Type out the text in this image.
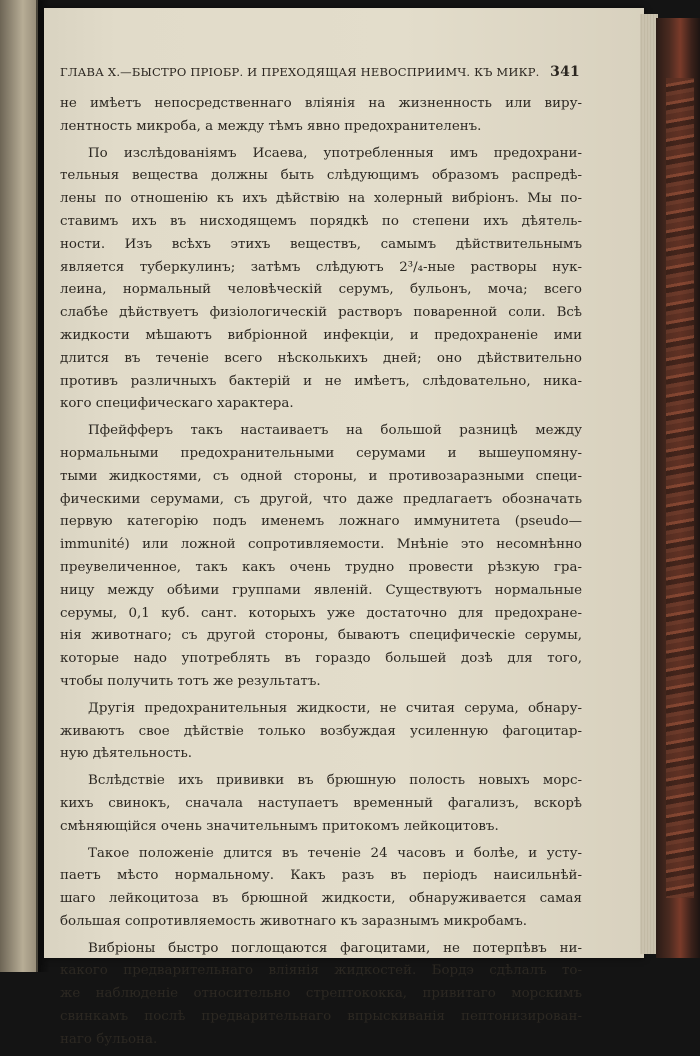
ГЛАВА X.—БЫСТРО ПРІОБР. И ПРЕХОДЯЩАЯ НЕВОСПРИИМЧ. КЪ МИКР. 341

не имѣетъ непосредственнаго вліянія на жизненность или виру-
лентность микроба, а между тѣмъ явно предохранителенъ.

По изслѣдованіямъ Исаева, употребленныя имъ предохрани-
тельныя вещества должны быть слѣдующимъ образомъ распредѣ-
лены по отношенію къ ихъ дѣйствію на холерный вибріонъ. Мы по-
ставимъ ихъ въ нисходящемъ порядкѣ по степени ихъ дѣятель-
ности. Изъ всѣхъ этихъ веществъ, самымъ дѣйствительнымъ
является туберкулинъ; затѣмъ слѣдуютъ 2³/₄-ные растворы нук-
леина, нормальный человѣческій серумъ, бульонъ, моча; всего
слабѣе дѣйствуетъ физіологическій растворъ поваренной соли. Всѣ
жидкости мѣшаютъ вибріонной инфекціи, и предохраненіе ими
длится въ теченіе всего нѣсколькихъ дней; оно дѣйствительно
противъ различныхъ бактерій и не имѣетъ, слѣдовательно, ника-
кого специфическаго характера.

Пфейфферъ такъ настаиваетъ на большой разницѣ между
нормальными предохранительными серумами и вышеупомяну-
тыми жидкостями, съ одной стороны, и противозаразными специ-
фическими серумами, съ другой, что даже предлагаетъ обозначать
первую категорію подъ именемъ ложнаго иммунитета (pseudo—
immunité) или ложной сопротивляемости. Мнѣніе это несомнѣнно
преувеличенное, такъ какъ очень трудно провести рѣзкую гра-
ницу между обѣими группами явленій. Существуютъ нормальные
серумы, 0,1 куб. сант. которыхъ уже достаточно для предохране-
нія животнаго; съ другой стороны, бываютъ специфическіе серумы,
которые надо употреблять въ гораздо большей дозѣ для того,
чтобы получить тотъ же результатъ.

Другія предохранительныя жидкости, не считая серума, обнару-
живаютъ свое дѣйствіе только возбуждая усиленную фагоцитар-
ную дѣятельность.

Вслѣдствіе ихъ прививки въ брюшную полость новыхъ морс-
кихъ свинокъ, сначала наступаетъ временный фагализъ, вскорѣ
смѣняющійся очень значительнымъ притокомъ лейкоцитовъ.

Такое положеніе длится въ теченіе 24 часовъ и болѣе, и усту-
паетъ мѣсто нормальному. Какъ разъ въ періодъ наисильнѣй-
шаго лейкоцитоза въ брюшной жидкости, обнаруживается самая
большая сопротивляемость животнаго къ заразнымъ микробамъ.

Вибріоны быстро поглощаются фагоцитами, не потерпѣвъ ни-
какого предварительнаго вліянія жидкостей. Бордэ сдѣлалъ то-
же наблюденіе относительно стрептококка, привитаго морскимъ
свинкамъ послѣ предварительнаго впрыскиванія пептонизирован-
наго бульона.
